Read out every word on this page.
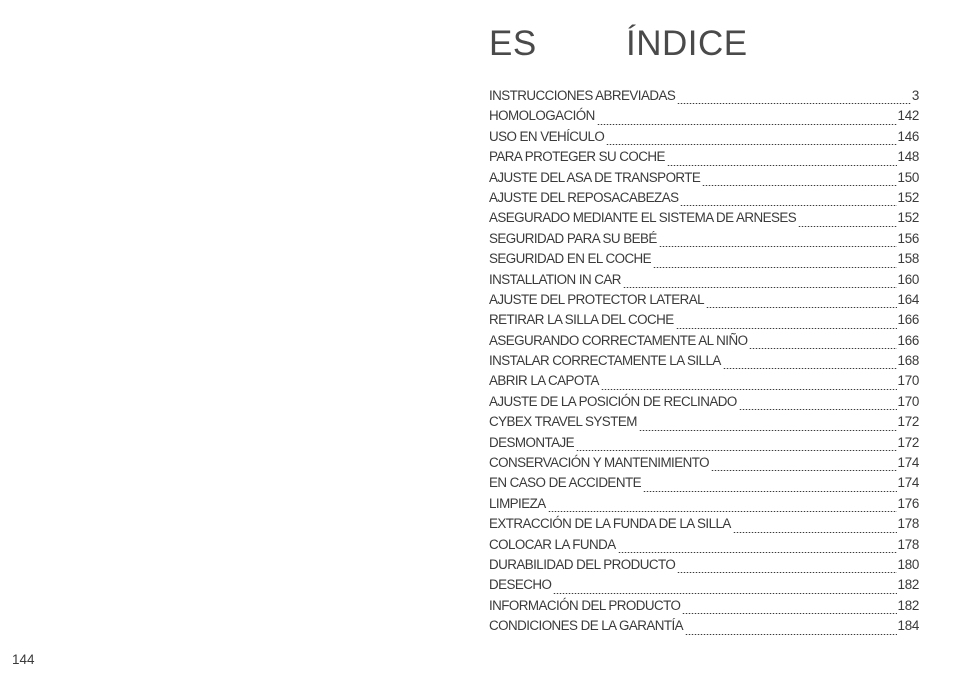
ES	ÍNDICE
INSTRUCCIONES ABREVIADAS	3
HOMOLOGACIÓN	142
USO EN VEHÍCULO	146
PARA PROTEGER SU COCHE	148
AJUSTE DEL ASA DE TRANSPORTE	150
AJUSTE DEL REPOSACABEZAS	152
ASEGURADO MEDIANTE EL SISTEMA DE ARNESES	152
SEGURIDAD PARA SU BEBÉ	156
SEGURIDAD EN EL COCHE	158
INSTALLATION IN CAR	160
AJUSTE DEL PROTECTOR LATERAL	164
RETIRAR LA SILLA DEL COCHE	166
ASEGURANDO CORRECTAMENTE AL NIÑO	166
INSTALAR CORRECTAMENTE LA SILLA	168
ABRIR LA CAPOTA	170
AJUSTE DE LA POSICIÓN DE RECLINADO	170
CYBEX TRAVEL SYSTEM	172
DESMONTAJE	172
CONSERVACIÓN Y MANTENIMIENTO	174
EN CASO DE ACCIDENTE	174
LIMPIEZA	176
EXTRACCIÓN DE LA FUNDA DE LA SILLA	178
COLOCAR LA FUNDA	178
DURABILIDAD DEL PRODUCTO	180
DESECHO	182
INFORMACIÓN DEL PRODUCTO	182
CONDICIONES DE LA GARANTÍA	184
144
